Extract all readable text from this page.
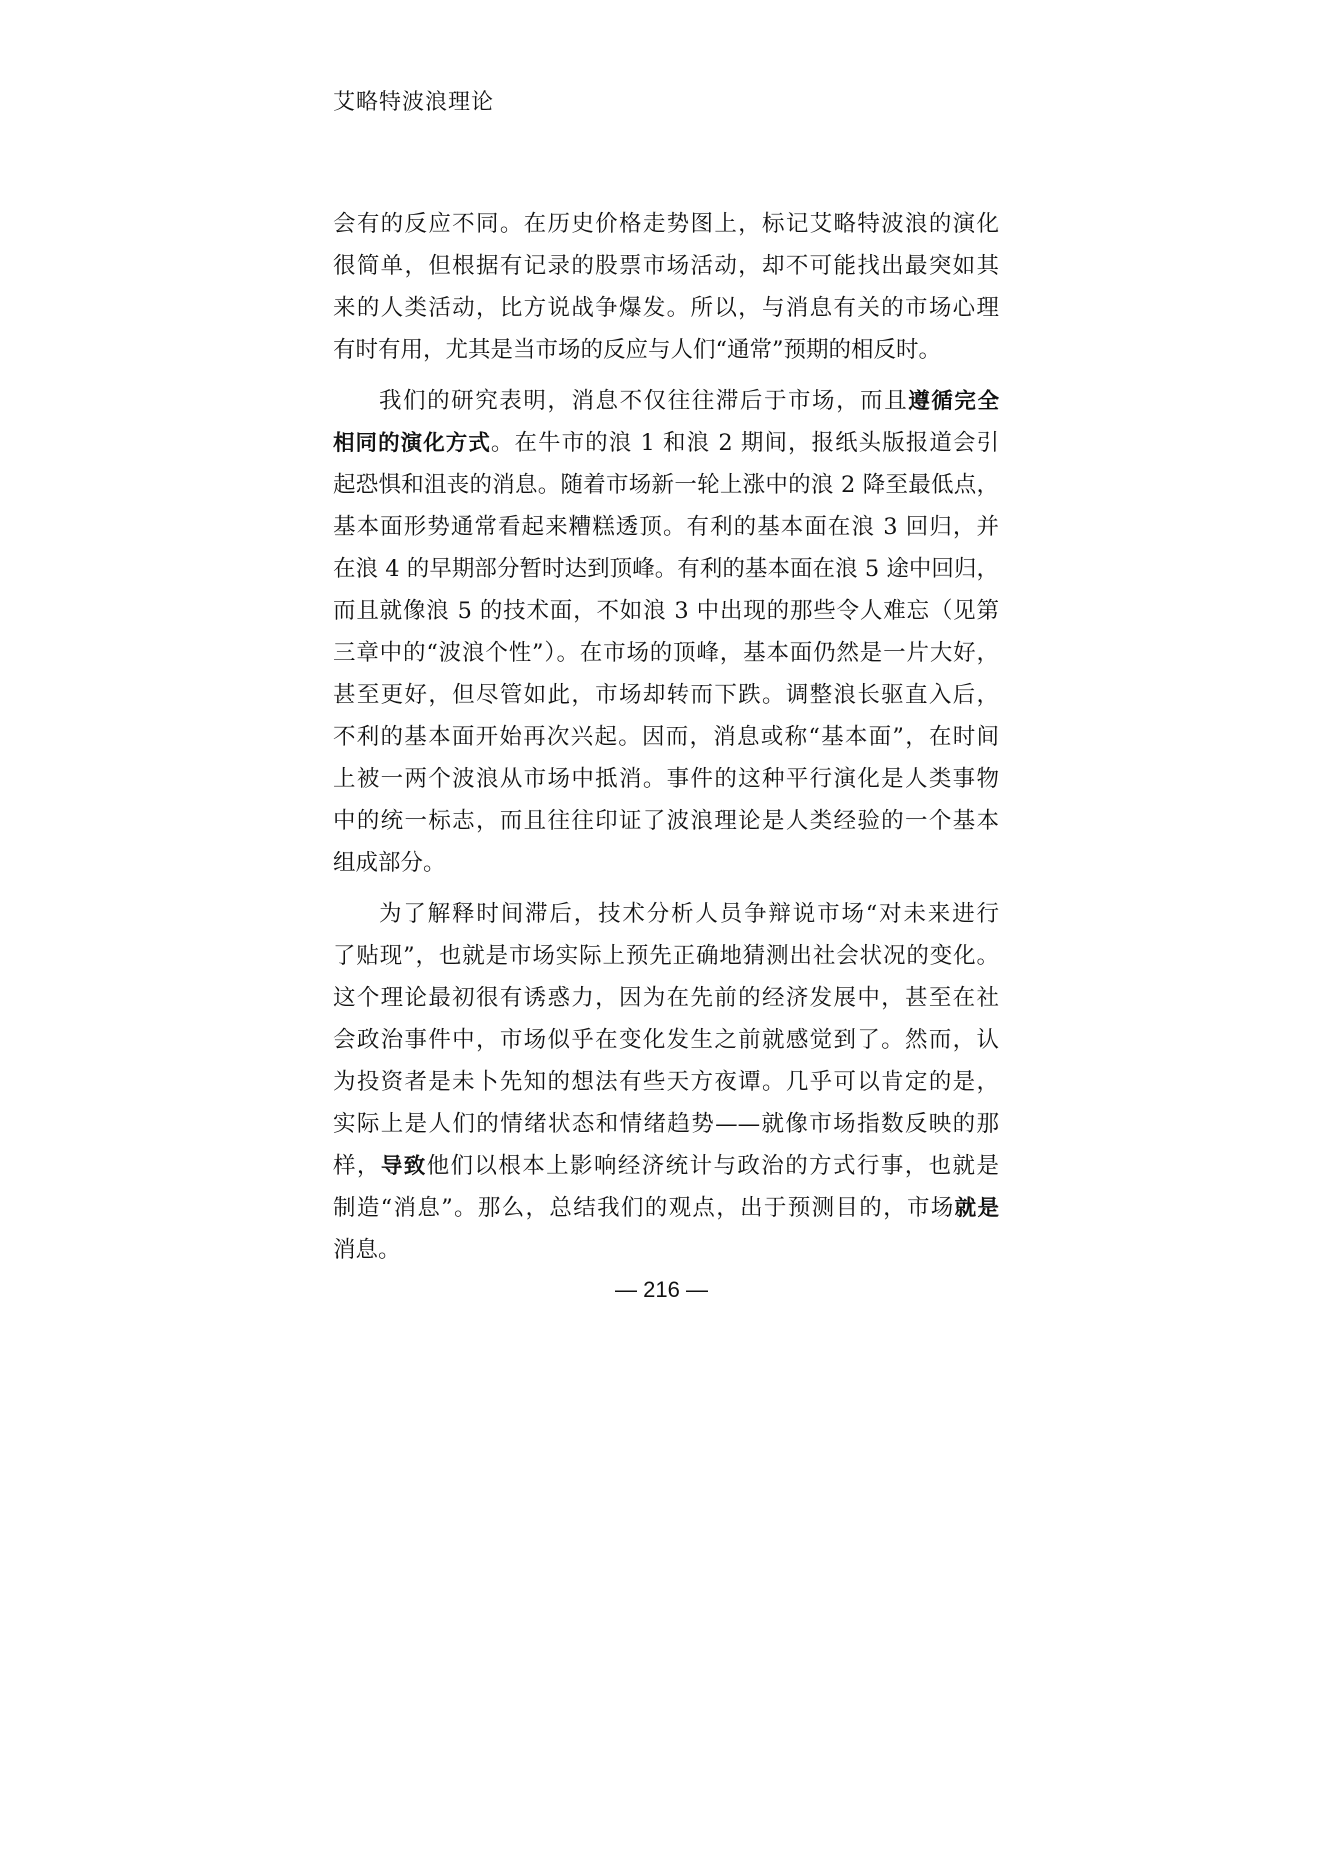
艾略特波浪理论
会有的反应不同。在历史价格走势图上，标记艾略特波浪的演化
很简单，但根据有记录的股票市场活动，却不可能找出最突如其
来的人类活动，比方说战争爆发。所以，与消息有关的市场心理
有时有用，尤其是当市场的反应与人们“通常”预期的相反时。
我们的研究表明，消息不仅往往滞后于市场，而且遵循完全
相同的演化方式。在牛市的浪 1 和浪 2 期间，报纸头版报道会引
起恐惧和沮丧的消息。随着市场新一轮上涨中的浪 2 降至最低点，
基本面形势通常看起来糟糕透顶。有利的基本面在浪 3 回归，并
在浪 4 的早期部分暂时达到顶峰。有利的基本面在浪 5 途中回归，
而且就像浪 5 的技术面，不如浪 3 中出现的那些令人难忘（见第
三章中的“波浪个性”）。在市场的顶峰，基本面仍然是一片大好，
甚至更好，但尽管如此，市场却转而下跌。调整浪长驱直入后，
不利的基本面开始再次兴起。因而，消息或称“基本面”，在时间
上被一两个波浪从市场中抵消。事件的这种平行演化是人类事物
中的统一标志，而且往往印证了波浪理论是人类经验的一个基本
组成部分。
为了解释时间滞后，技术分析人员争辩说市场“对未来进行
了贴现”，也就是市场实际上预先正确地猜测出社会状况的变化。
这个理论最初很有诱惑力，因为在先前的经济发展中，甚至在社
会政治事件中，市场似乎在变化发生之前就感觉到了。然而，认
为投资者是未卜先知的想法有些天方夜谭。几乎可以肯定的是，
实际上是人们的情绪状态和情绪趋势——就像市场指数反映的那
样，导致他们以根本上影响经济统计与政治的方式行事，也就是
制造“消息”。那么，总结我们的观点，出于预测目的，市场就是
消息。
— 216 —
